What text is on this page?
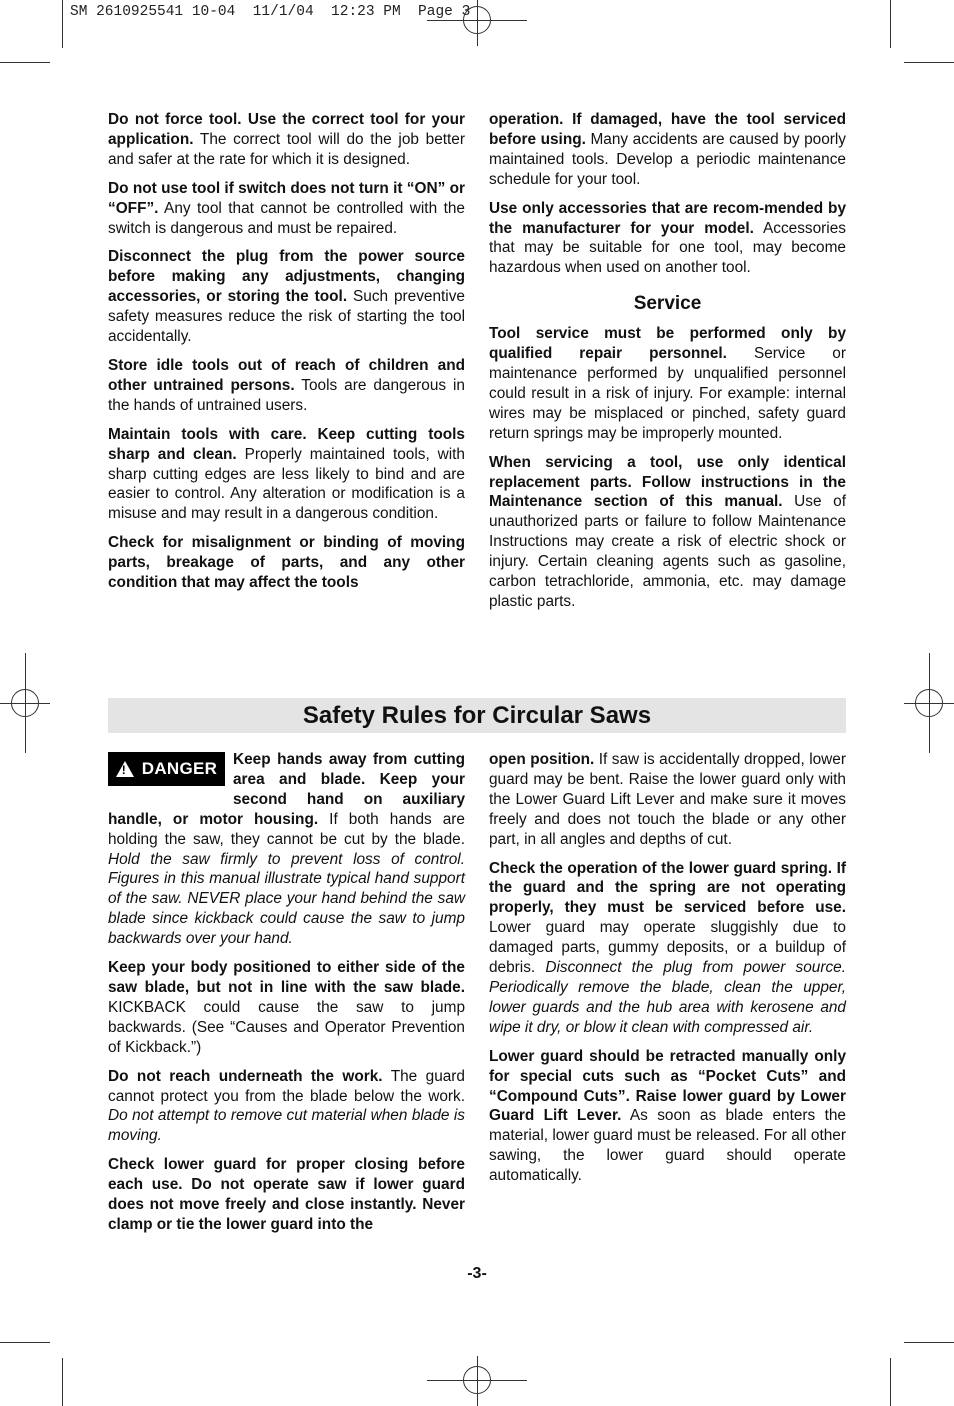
SM 2610925541 10-04  11/1/04  12:23 PM  Page 3

Do not force tool. Use the correct tool for your application. The correct tool will do the job better and safer at the rate for which it is designed.

Do not use tool if switch does not turn it “ON” or “OFF”. Any tool that cannot be controlled with the switch is dangerous and must be repaired.

Disconnect the plug from the power source before making any adjustments, changing accessories, or storing the tool. Such preventive safety measures reduce the risk of starting the tool accidentally.

Store idle tools out of reach of children and other untrained persons. Tools are dangerous in the hands of untrained users.

Maintain tools with care. Keep cutting tools sharp and clean. Properly maintained tools, with sharp cutting edges are less likely to bind and are easier to control. Any alteration or modification is a misuse and may result in a dangerous condition.

Check for misalignment or binding of moving parts, breakage of parts, and any other condition that may affect the tools

operation. If damaged, have the tool serviced before using. Many accidents are caused by poorly maintained tools. Develop a periodic maintenance schedule for your tool.

Use only accessories that are recom-mended by the manufacturer for your model. Accessories that may be suitable for one tool, may become hazardous when used on another tool.

Service

Tool service must be performed only by qualified repair personnel. Service or maintenance performed by unqualified personnel could result in a risk of injury. For example: internal wires may be misplaced or pinched, safety guard return springs may be improperly mounted.

When servicing a tool, use only identical replacement parts. Follow instructions in the Maintenance section of this manual. Use of unauthorized parts or failure to follow Maintenance Instructions may create a risk of electric shock or injury. Certain cleaning agents such as gasoline, carbon tetrachloride, ammonia, etc. may damage plastic parts.

Safety Rules for Circular Saws

! DANGER Keep hands away from cutting area and blade. Keep your second hand on auxiliary handle, or motor housing. If both hands are holding the saw, they cannot be cut by the blade. Hold the saw firmly to prevent loss of control. Figures in this manual illustrate typical hand support of the saw. NEVER place your hand behind the saw blade since kickback could cause the saw to jump backwards over your hand.

Keep your body positioned to either side of the saw blade, but not in line with the saw blade. KICKBACK could cause the saw to jump backwards. (See “Causes and Operator Prevention of Kickback.”)

Do not reach underneath the work. The guard cannot protect you from the blade below the work. Do not attempt to remove cut material when blade is moving.

Check lower guard for proper closing before each use. Do not operate saw if lower guard does not move freely and close instantly. Never clamp or tie the lower guard into the

open position. If saw is accidentally dropped, lower guard may be bent. Raise the lower guard only with the Lower Guard Lift Lever and make sure it moves freely and does not touch the blade or any other part, in all angles and depths of cut.

Check the operation of the lower guard spring. If the guard and the spring are not operating properly, they must be serviced before use. Lower guard may operate sluggishly due to damaged parts, gummy deposits, or a buildup of debris. Disconnect the plug from power source. Periodically remove the blade, clean the upper, lower guards and the hub area with kerosene and wipe it dry, or blow it clean with compressed air.

Lower guard should be retracted manually only for special cuts such as “Pocket Cuts” and “Compound Cuts”. Raise lower guard by Lower Guard Lift Lever. As soon as blade enters the material, lower guard must be released. For all other sawing, the lower guard should operate automatically.

-3-
